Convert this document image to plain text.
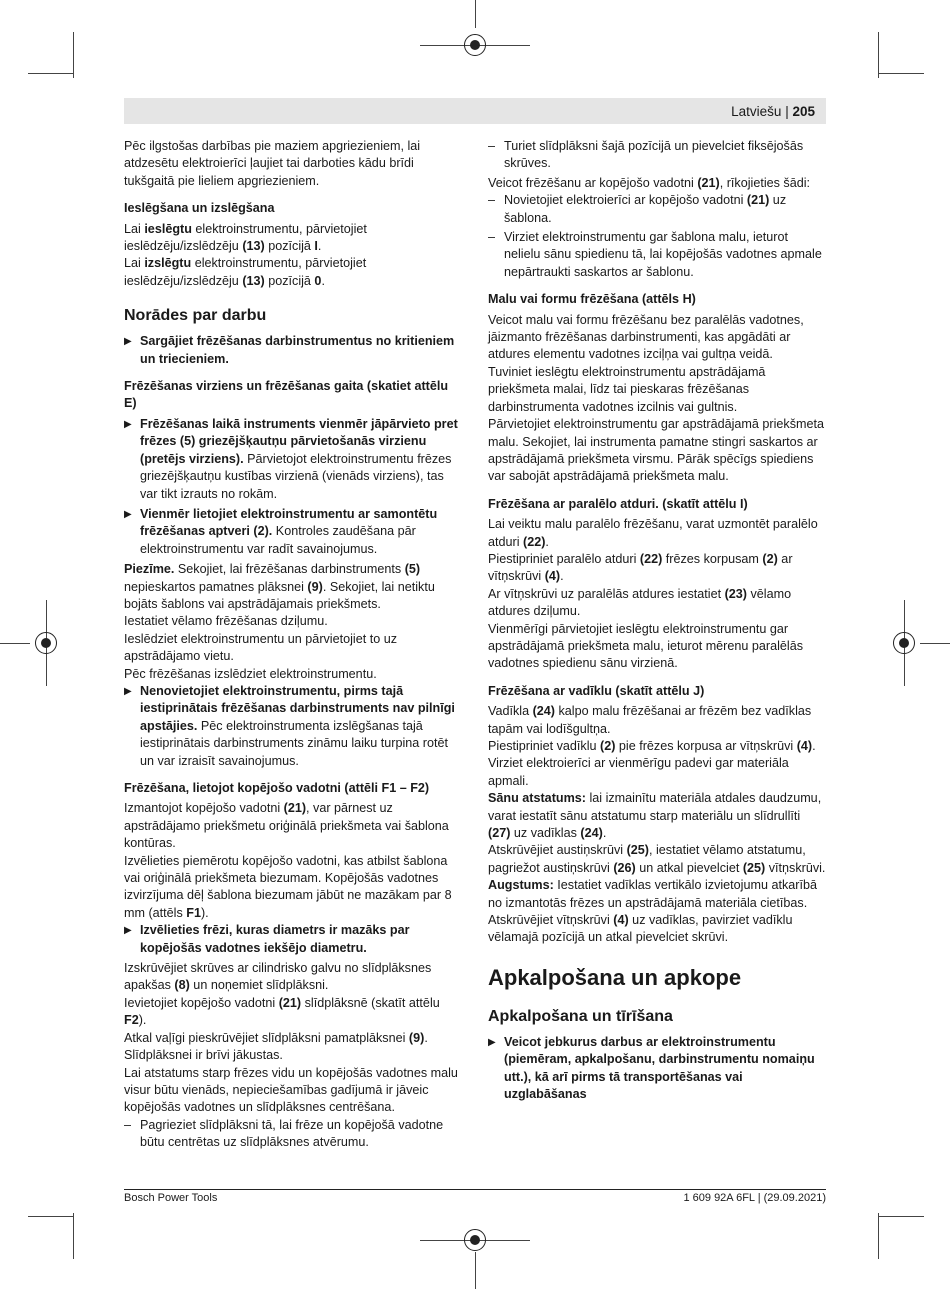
Latviešu | 205
Pēc ilgstošas darbības pie maziem apgriezieniem, lai atdzesētu elektroierīci ļaujiet tai darboties kādu brīdi tukšgaitā pie lieliem apgriezieniem.
Ieslēgšana un izslēgšana
Lai ieslēgtu elektroinstrumentu, pārvietojiet ieslēdzēju/izslēdzēju (13) pozīcijā I.
Lai izslēgtu elektroinstrumentu, pārvietojiet ieslēdzēju/izslēdzēju (13) pozīcijā 0.
Norādes par darbu
▶ Sargājiet frēzēšanas darbinstrumentus no kritieniem un triecieniem.
Frēzēšanas virziens un frēzēšanas gaita (skatiet attēlu E)
▶ Frēzēšanas laikā instruments vienmēr jāpārvieto pret frēzes (5) griezējšķautņu pārvietošanās virzienu (pretējs virziens). Pārvietojot elektroinstrumentu frēzes griezējšķautņu kustības virzienā (vienāds virziens), tas var tikt izrauts no rokām.
▶ Vienmēr lietojiet elektroinstrumentu ar samontētu frēzēšanas aptveri (2). Kontroles zaudēšana pār elektroinstrumentu var radīt savainojumus.
Piezīme. Sekojiet, lai frēzēšanas darbinstruments (5) nepieskartos pamatnes plāksnei (9). Sekojiet, lai netiktu bojāts šablons vai apstrādājamais priekšmets.
Iestatiet vēlamo frēzēšanas dziļumu.
Ieslēdziet elektroinstrumentu un pārvietojiet to uz apstrādājamo vietu.
Pēc frēzēšanas izslēdziet elektroinstrumentu.
▶ Nenovietojiet elektroinstrumentu, pirms tajā iestiprinātais frēzēšanas darbinstruments nav pilnīgi apstājies. Pēc elektroinstrumenta izslēgšanas tajā iestiprinātais darbinstruments zināmu laiku turpina rotēt un var izraisīt savainojumus.
Frēzēšana, lietojot kopējošo vadotni (attēli F1 – F2)
Izmantojot kopējošo vadotni (21), var pārnest uz apstrādājamo priekšmetu oriģinālā priekšmeta vai šablona kontūras.
Izvēlieties piemērotu kopējošo vadotni, kas atbilst šablona vai oriģinālā priekšmeta biezumam. Kopējošās vadotnes izvirzījuma dēļ šablona biezumam jābūt ne mazākam par 8 mm (attēls F1).
▶ Izvēlieties frēzi, kuras diametrs ir mazāks par kopējošās vadotnes iekšējo diametru.
Izskrūvējiet skrūves ar cilindrisko galvu no slīdplāksnes apakšas (8) un noņemiet slīdplāksni.
Ievietojiet kopējošo vadotni (21) slīdplāksnē (skatīt attēlu F2).
Atkal vaļīgi pieskrūvējiet slīdplāksni pamatplāksnei (9). Slīdplāksnei ir brīvi jākustas.
Lai atstatums starp frēzes vidu un kopējošās vadotnes malu visur būtu vienāds, nepieciešamības gadījumā ir jāveic kopējošās vadotnes un slīdplāksnes centrēšana.
– Pagrieziet slīdplāksni tā, lai frēze un kopējošā vadotne būtu centrētas uz slīdplāksnes atvērumu.
– Turiet slīdplāksni šajā pozīcijā un pievelciet fiksējošās skrūves.
Veicot frēzēšanu ar kopējošo vadotni (21), rīkojieties šādi:
– Novietojiet elektroierīci ar kopējošo vadotni (21) uz šablona.
– Virziet elektroinstrumentu gar šablona malu, ieturot nelielu sānu spiedienu tā, lai kopējošās vadotnes apmale nepārtraukti saskartos ar šablonu.
Malu vai formu frēzēšana (attēls H)
Veicot malu vai formu frēzēšanu bez paralēlās vadotnes, jāizmanto frēzēšanas darbinstrumenti, kas apgādāti ar atdures elementu vadotnes izciļņa vai gultņa veidā.
Tuviniet ieslēgtu elektroinstrumentu apstrādājamā priekšmeta malai, līdz tai pieskaras frēzēšanas darbinstrumenta vadotnes izcilnis vai gultnis.
Pārvietojiet elektroinstrumentu gar apstrādājamā priekšmeta malu. Sekojiet, lai instrumenta pamatne stingri saskartos ar apstrādājamā priekšmeta virsmu. Pārāk spēcīgs spiediens var sabojāt apstrādājamā priekšmeta malu.
Frēzēšana ar paralēlo atduri. (skatīt attēlu I)
Lai veiktu malu paralēlo frēzēšanu, varat uzmontēt paralēlo atduri (22).
Piestipriniet paralēlo atduri (22) frēzes korpusam (2) ar vītņskrūvi (4).
Ar vītņskrūvi uz paralēlās atdures iestatiet (23) vēlamo atdures dziļumu.
Vienmērīgi pārvietojiet ieslēgtu elektroinstrumentu gar apstrādājamā priekšmeta malu, ieturot mērenu paralēlās vadotnes spiedienu sānu virzienā.
Frēzēšana ar vadīklu (skatīt attēlu J)
Vadīkla (24) kalpo malu frēzēšanai ar frēzēm bez vadīklas tapām vai lodīšgultņa.
Piestipriniet vadīklu (2) pie frēzes korpusa ar vītņskrūvi (4).
Virziet elektroierīci ar vienmērīgu padevi gar materiāla apmali.
Sānu atstatums: lai izmainītu materiāla atdales daudzumu, varat iestatīt sānu atstatumu starp materiālu un slīdrullīti (27) uz vadīklas (24).
Atskrūvējiet austiņskrūvi (25), iestatiet vēlamo atstatumu, pagriežot austiņskrūvi (26) un atkal pievelciet (25) vītņskrūvi.
Augstums: Iestatiet vadīklas vertikālo izvietojumu atkarībā no izmantotās frēzes un apstrādājamā materiāla cietības.
Atskrūvējiet vītņskrūvi (4) uz vadīklas, pavirziet vadīklu vēlamajā pozīcijā un atkal pievelciet skrūvi.
Apkalpošana un apkope
Apkalpošana un tīrīšana
▶ Veicot jebkurus darbus ar elektroinstrumentu (piemēram, apkalpošanu, darbinstrumentu nomaiņu utt.), kā arī pirms tā transportēšanas vai uzglabāšanas
Bosch Power Tools	1 609 92A 6FL | (29.09.2021)
